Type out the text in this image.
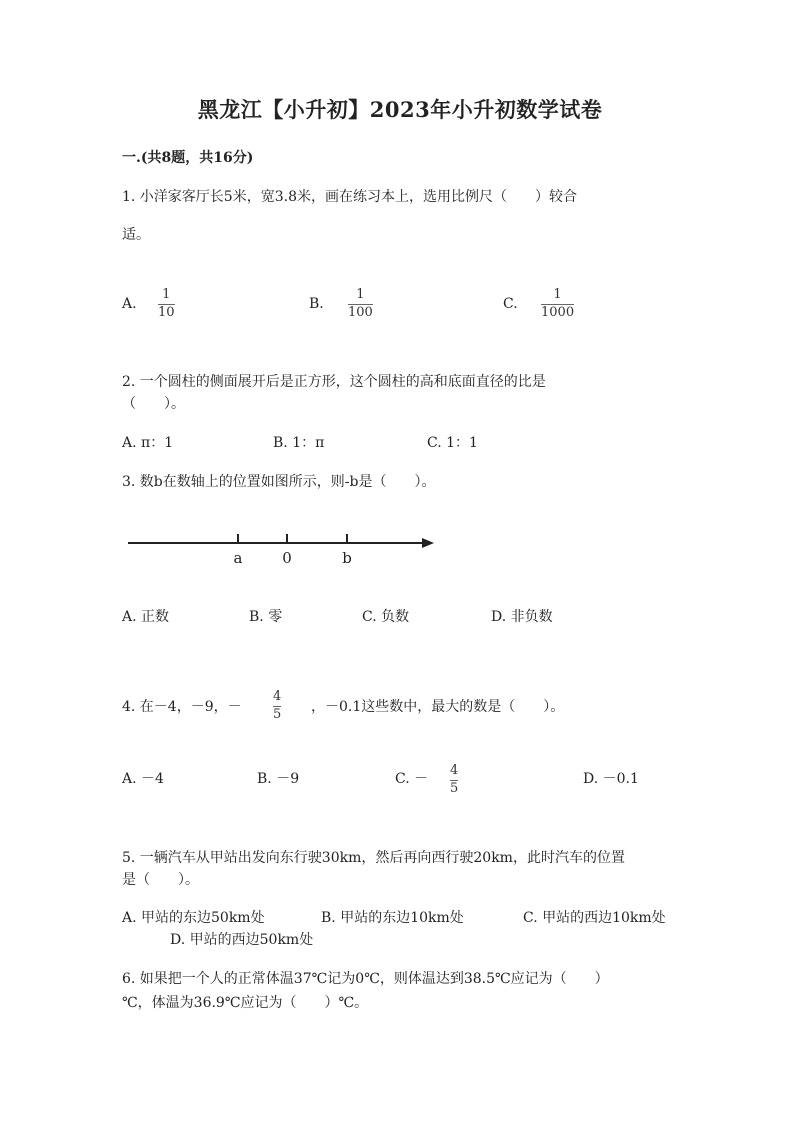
黑龙江【小升初】2023年小升初数学试卷
一.(共8题，共16分)
1. 小洋家客厅长5米，宽3.8米，画在练习本上，选用比例尺（　　）较合
适。
A.
1
10
B.
1
100
C.
1
1000
2. 一个圆柱的侧面展开后是正方形，这个圆柱的高和底面直径的比是
（　　）。
A. π：1	B. 1：π	C. 1：1
3. 数b在数轴上的位置如图所示，则-b是（　　）。
a	0	b
A. 正数	B. 零	C. 负数	D. 非负数
4. 在－4，－9，－
4
5 ，－0.1这些数中，最大的数是（　　）。
A. －4	B. －9	C. －
4
5
D. －0.1
5. 一辆汽车从甲站出发向东行驶30km，然后再向西行驶20km，此时汽车的位置
是（　　）。
A. 甲站的东边50km处	B. 甲站的东边10km处	C. 甲站的西边10km处
D. 甲站的西边50km处
6. 如果把一个人的正常体温37℃记为0℃，则体温达到38.5℃应记为（　　）
℃，体温为36.9℃应记为（　　）℃。
